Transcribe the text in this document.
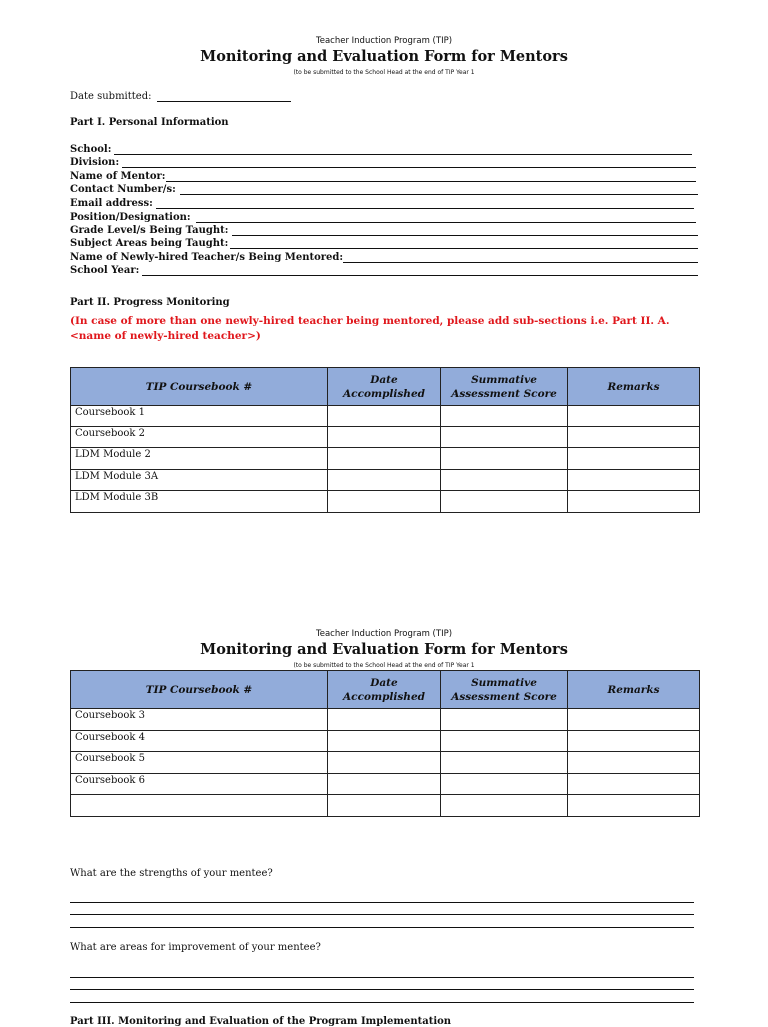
Teacher Induction Program (TIP)
Monitoring and Evaluation Form for Mentors
(to be submitted to the School Head at the end of TIP Year 1
Date submitted:
Part I. Personal Information
School:
Division:
Name of Mentor:
Contact Number/s:
Email address:
Position/Designation:
Grade Level/s Being Taught:
Subject Areas being Taught:
Name of Newly-hired Teacher/s Being Mentored:
School Year:
Part II. Progress Monitoring
(In case of more than one newly-hired teacher being mentored, please add sub-sections i.e. Part II. A. <name of newly-hired teacher>)
TIP Coursebook #	Date Accomplished	Summative Assessment Score	Remarks
Coursebook 1			
Coursebook 2			
LDM Module 2			
LDM Module 3A			
LDM Module 3B			
Teacher Induction Program (TIP)
Monitoring and Evaluation Form for Mentors
(to be submitted to the School Head at the end of TIP Year 1
TIP Coursebook #	Date Accomplished	Summative Assessment Score	Remarks
Coursebook 3			
Coursebook 4			
Coursebook 5			
Coursebook 6			

What are the strengths of your mentee?
What are areas for improvement of your mentee?
Part III. Monitoring and Evaluation of the Program Implementation
